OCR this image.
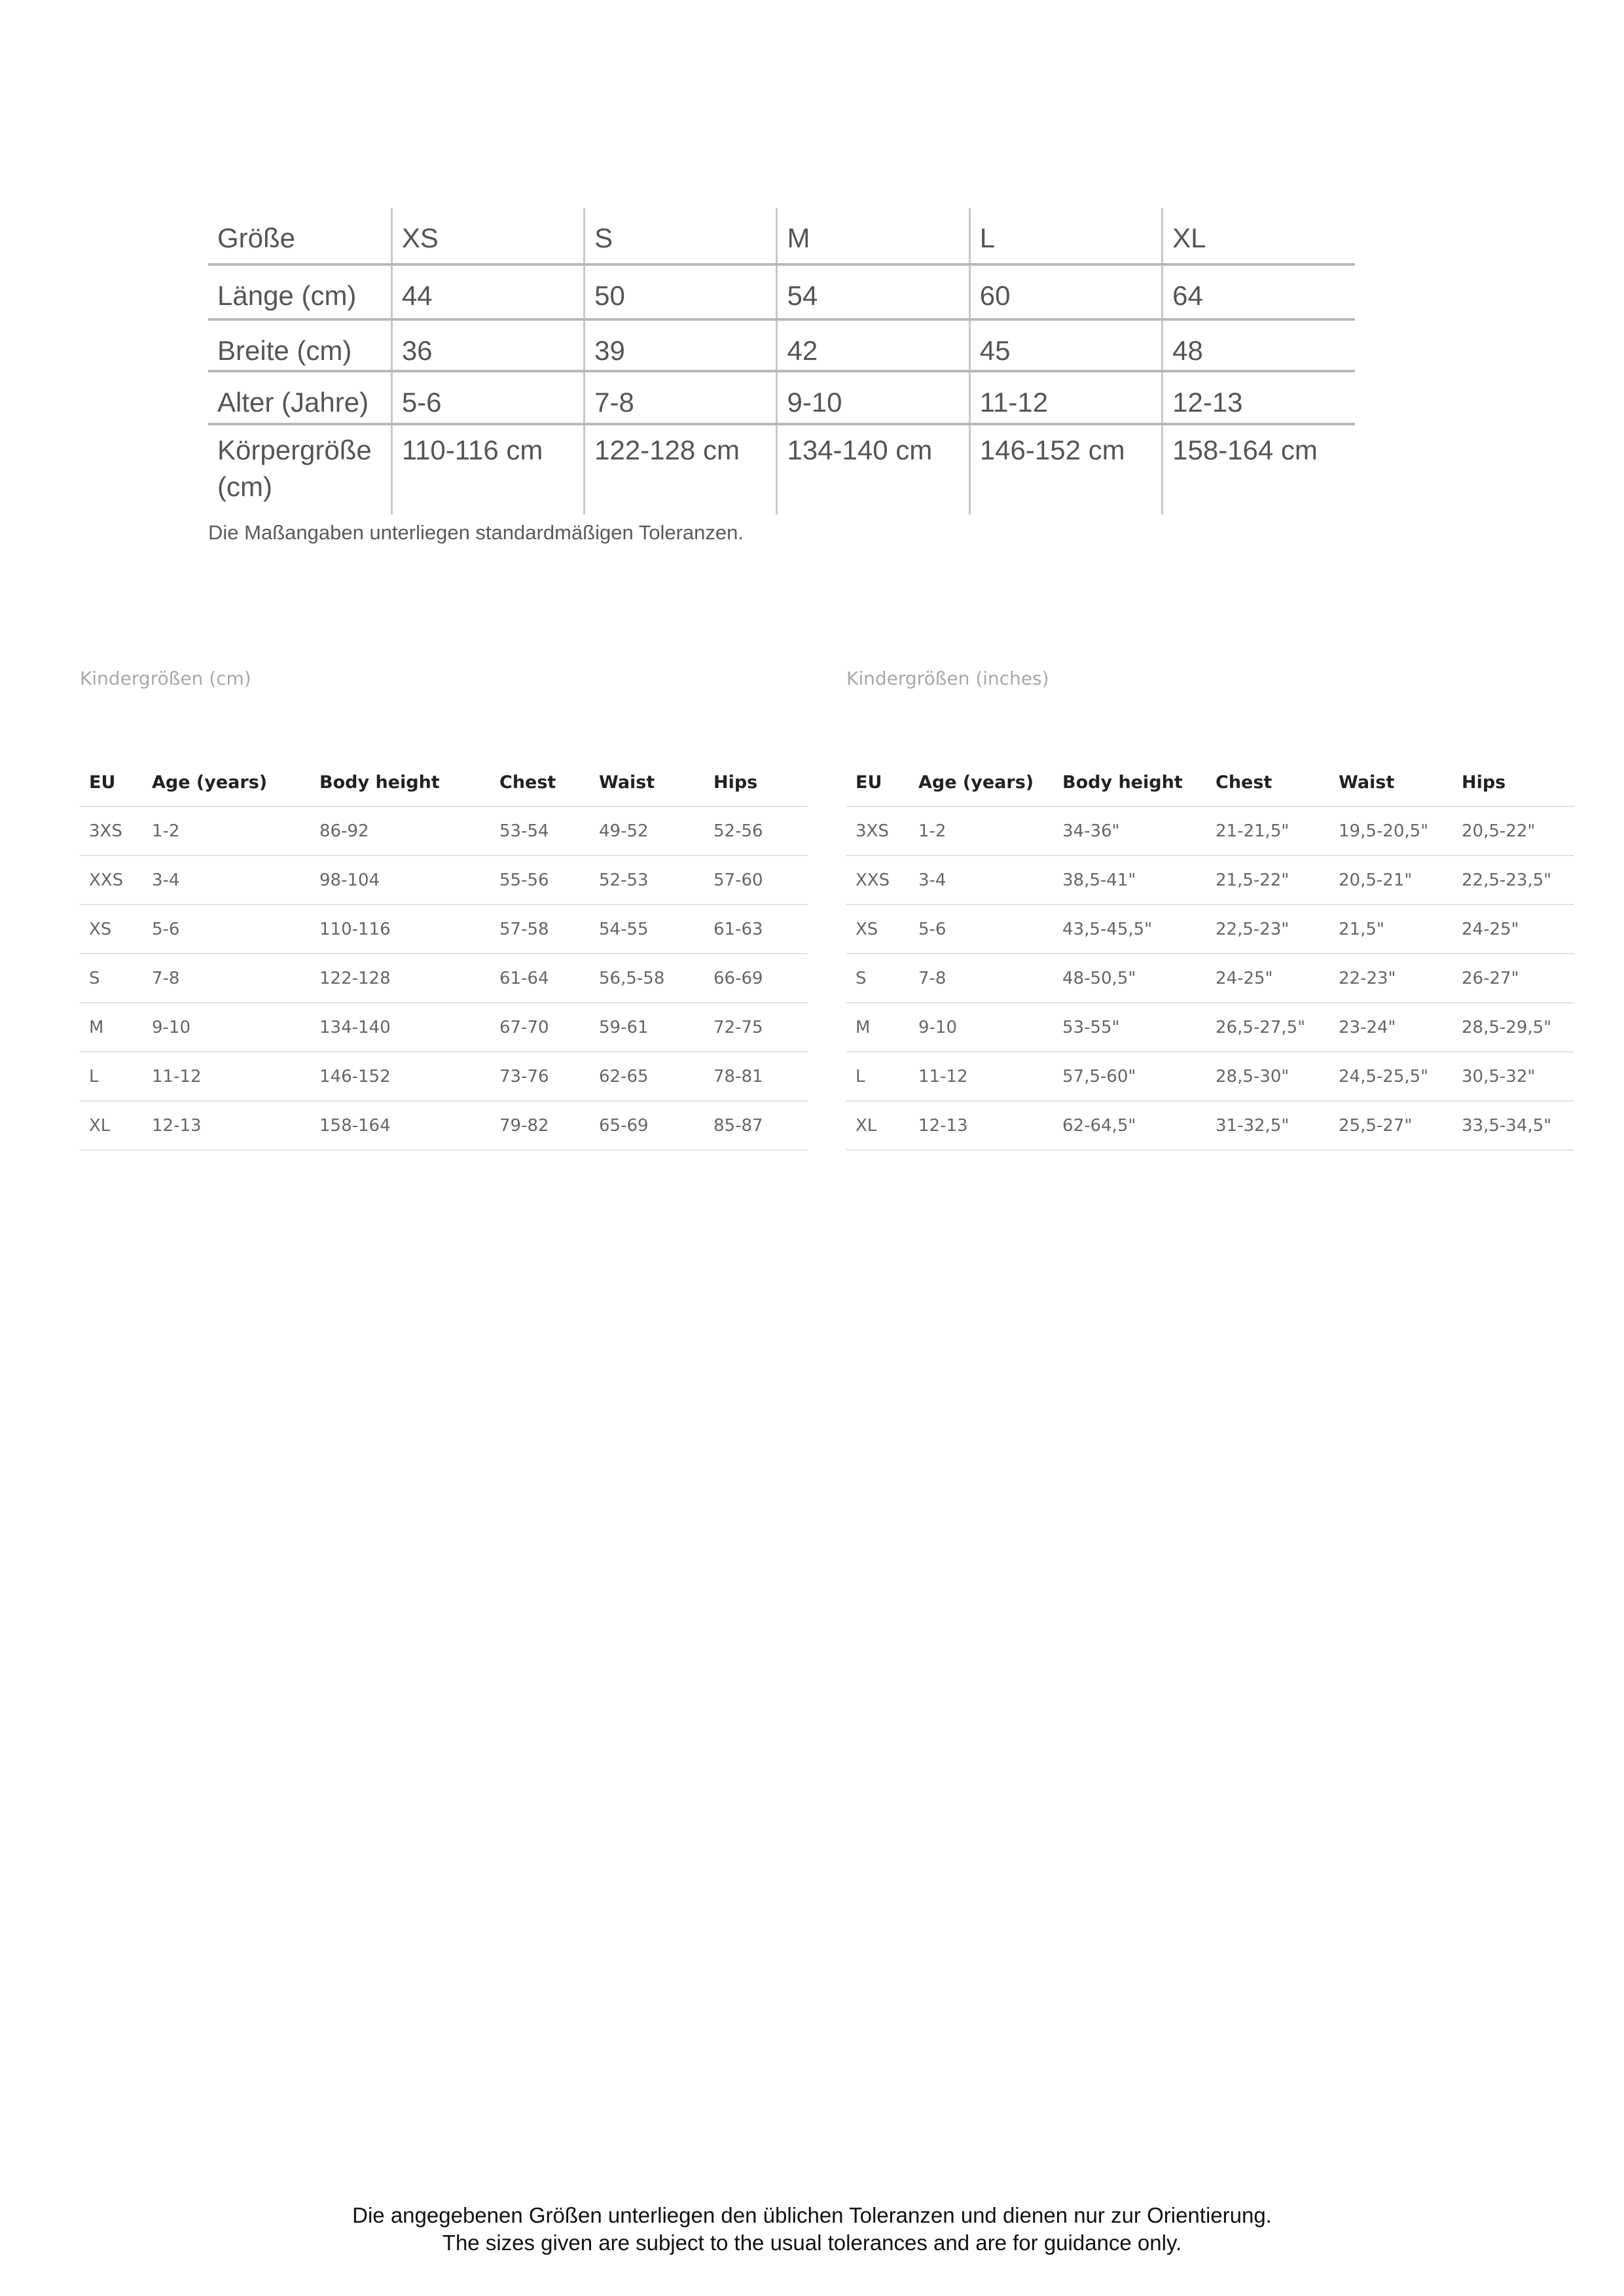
Größe	XS	S	M	L	XL
Länge (cm)	44	50	54	60	64
Breite (cm)	36	39	42	45	48
Alter (Jahre)	5-6	7-8	9-10	11-12	12-13
Körpergröße (cm)	110-116 cm	122-128 cm	134-140 cm	146-152 cm	158-164 cm
Die Maßangaben unterliegen standardmäßigen Toleranzen.
Kindergrößen (cm)	Kindergrößen (inches)
EU	Age (years)	Body height	Chest	Waist	Hips
3XS	1-2	86-92	53-54	49-52	52-56
XXS	3-4	98-104	55-56	52-53	57-60
XS	5-6	110-116	57-58	54-55	61-63
S	7-8	122-128	61-64	56,5-58	66-69
M	9-10	134-140	67-70	59-61	72-75
L	11-12	146-152	73-76	62-65	78-81
XL	12-13	158-164	79-82	65-69	85-87
EU	Age (years)	Body height	Chest	Waist	Hips
3XS	1-2	34-36"	21-21,5"	19,5-20,5"	20,5-22"
XXS	3-4	38,5-41"	21,5-22"	20,5-21"	22,5-23,5"
XS	5-6	43,5-45,5"	22,5-23"	21,5"	24-25"
S	7-8	48-50,5"	24-25"	22-23"	26-27"
M	9-10	53-55"	26,5-27,5"	23-24"	28,5-29,5"
L	11-12	57,5-60"	28,5-30"	24,5-25,5"	30,5-32"
XL	12-13	62-64,5"	31-32,5"	25,5-27"	33,5-34,5"
Die angegebenen Größen unterliegen den üblichen Toleranzen und dienen nur zur Orientierung.
The sizes given are subject to the usual tolerances and are for guidance only.
